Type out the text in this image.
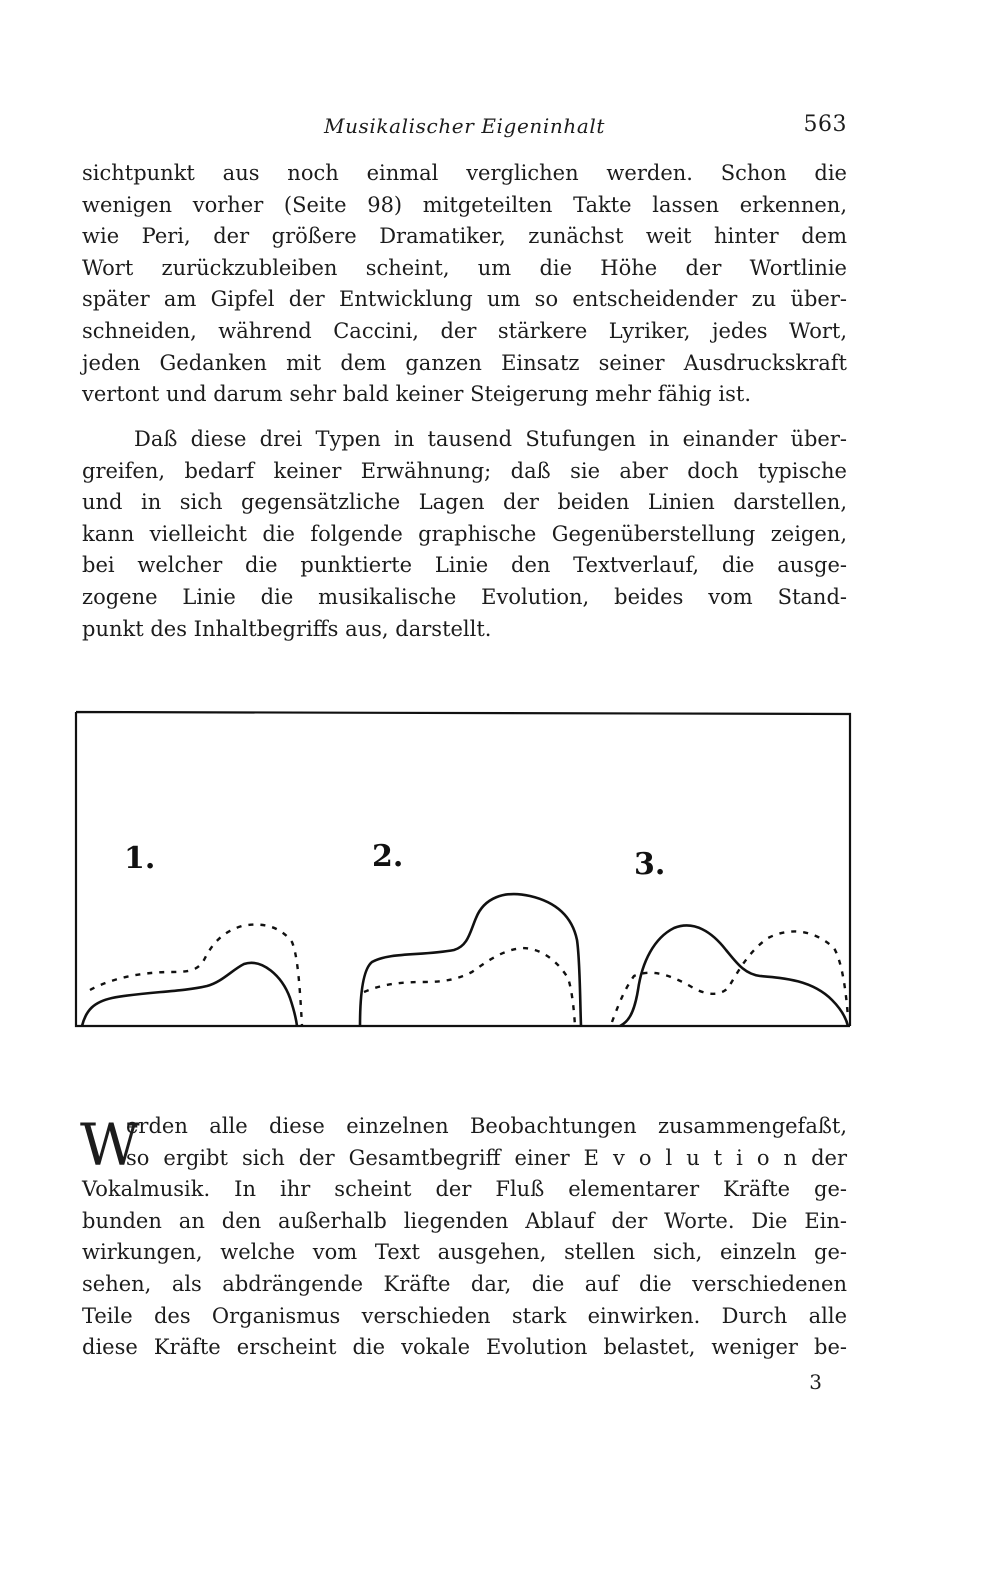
Musikalischer Eigeninhalt	563

sichtpunkt aus noch einmal verglichen werden. Schon die

wenigen vorher (Seite 98) mitgeteilten Takte lassen erkennen,

wie Peri, der größere Dramatiker, zunächst weit hinter dem

Wort zurückzubleiben scheint, um die Höhe der Wortlinie

später am Gipfel der Entwicklung um so entscheidender zu über-

schneiden, während Caccini, der stärkere Lyriker, jedes Wort,

jeden Gedanken mit dem ganzen Einsatz seiner Ausdruckskraft

vertont und darum sehr bald keiner Steigerung mehr fähig ist.

Daß diese drei Typen in tausend Stufungen in einander über-

greifen, bedarf keiner Erwähnung; daß sie aber doch typische

und in sich gegensätzliche Lagen der beiden Linien darstellen,

kann vielleicht die folgende graphische Gegenüberstellung zeigen,

bei welcher die punktierte Linie den Textverlauf, die ausge-

zogene Linie die musikalische Evolution, beides vom Stand-

punkt des Inhaltbegriffs aus, darstellt.

1.	2.	3.
W

erden alle diese einzelnen Beobachtungen zusammengefaßt,

so ergibt sich der Gesamtbegriff einer E v o l u t i o n der

Vokalmusik. In ihr scheint der Fluß elementarer Kräfte ge-

bunden an den außerhalb liegenden Ablauf der Worte. Die Ein-

wirkungen, welche vom Text ausgehen, stellen sich, einzeln ge-

sehen, als abdrängende Kräfte dar, die auf die verschiedenen

Teile des Organismus verschieden stark einwirken. Durch alle

diese Kräfte erscheint die vokale Evolution belastet, weniger be-

3
